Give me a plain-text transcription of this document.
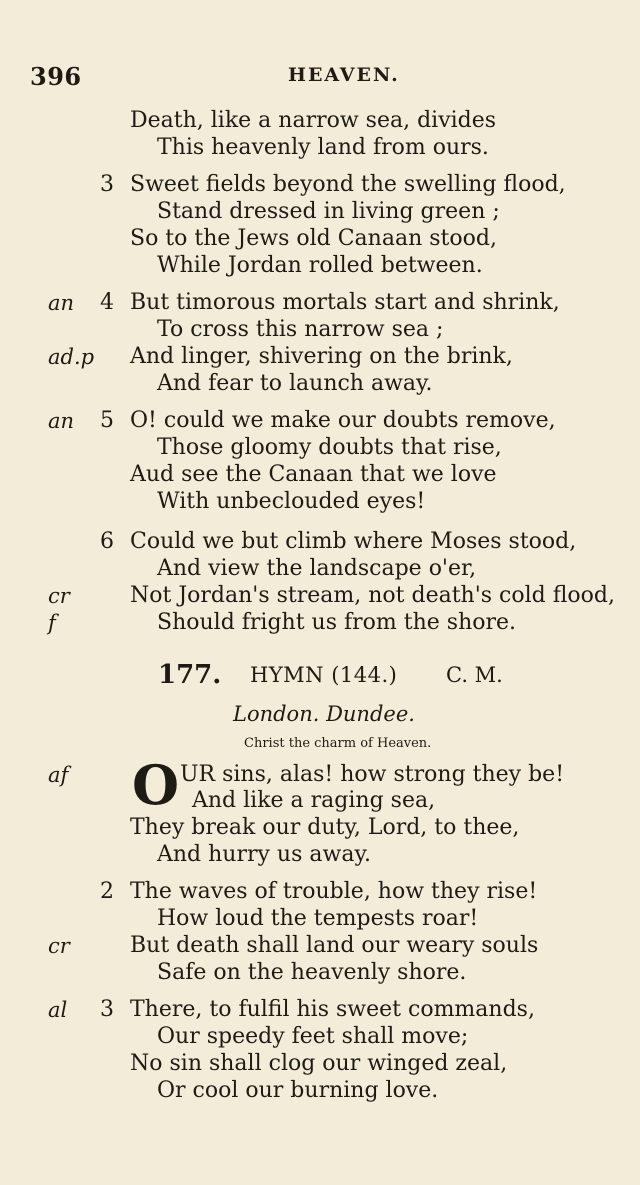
396	HEAVEN.
Death, like a narrow sea, divides
This heavenly land from ours.
3 Sweet fields beyond the swelling flood,
Stand dressed in living green ;
So to the Jews old Canaan stood,
While Jordan rolled between.
an 4 But timorous mortals start and shrink,
To cross this narrow sea ;
ad.p And linger, shivering on the brink,
And fear to launch away.
an 5 O! could we make our doubts remove,
Those gloomy doubts that rise,
Aud see the Canaan that we love
With unbeclouded eyes!
6 Could we but climb where Moses stood,
And view the landscape o'er,
cr	Not Jordan's stream, not death's cold flood,
f	Should fright us from the shore.
177. HYMN (144.) C. M.
London. Dundee.
Christ the charm of Heaven.
af O UR sins, alas! how strong they be!
And like a raging sea,
They break our duty, Lord, to thee,
And hurry us away.
2 The waves of trouble, how they rise!
How loud the tempests roar!
cr	But death shall land our weary souls
Safe on the heavenly shore.
al 3 There, to fulfil his sweet commands,
Our speedy feet shall move;
No sin shall clog our winged zeal,
Or cool our burning love.
